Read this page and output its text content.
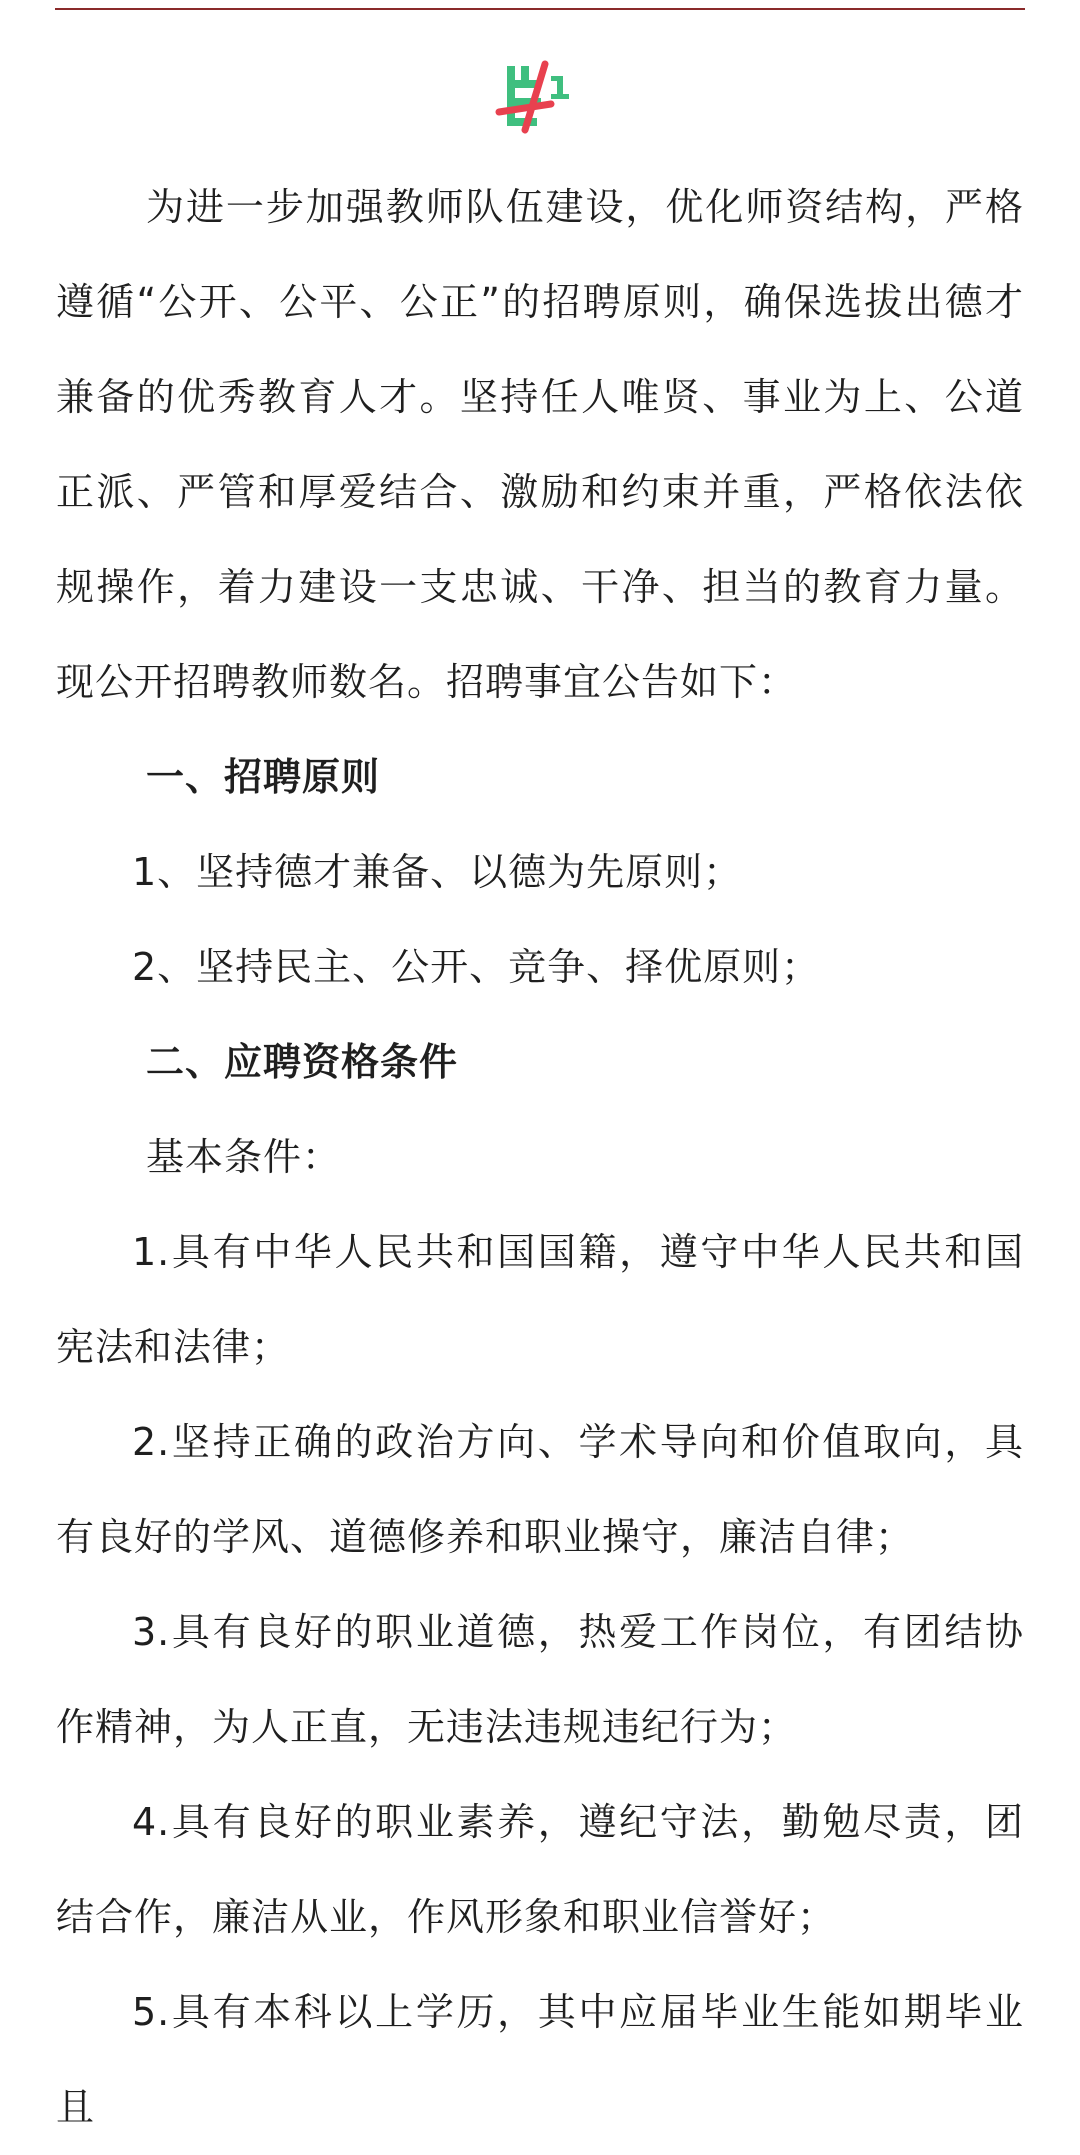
为进一步加强教师队伍建设，优化师资结构，严格遵循“公开、公平、公正”的招聘原则，确保选拔出德才兼备的优秀教育人才。坚持任人唯贤、事业为上、公道正派、严管和厚爱结合、激励和约束并重，严格依法依规操作，着力建设一支忠诚、干净、担当的教育力量。现公开招聘教师数名。招聘事宜公告如下：

一、招聘原则

1、坚持德才兼备、以德为先原则；

2、坚持民主、公开、竞争、择优原则；

二、应聘资格条件

基本条件：

1.具有中华人民共和国国籍，遵守中华人民共和国宪法和法律；

2.坚持正确的政治方向、学术导向和价值取向，具有良好的学风、道德修养和职业操守，廉洁自律；

3.具有良好的职业道德，热爱工作岗位，有团结协作精神，为人正直，无违法违规违纪行为；

4.具有良好的职业素养，遵纪守法，勤勉尽责，团结合作，廉洁从业，作风形象和职业信誉好；

5.具有本科以上学历，其中应届毕业生能如期毕业且
